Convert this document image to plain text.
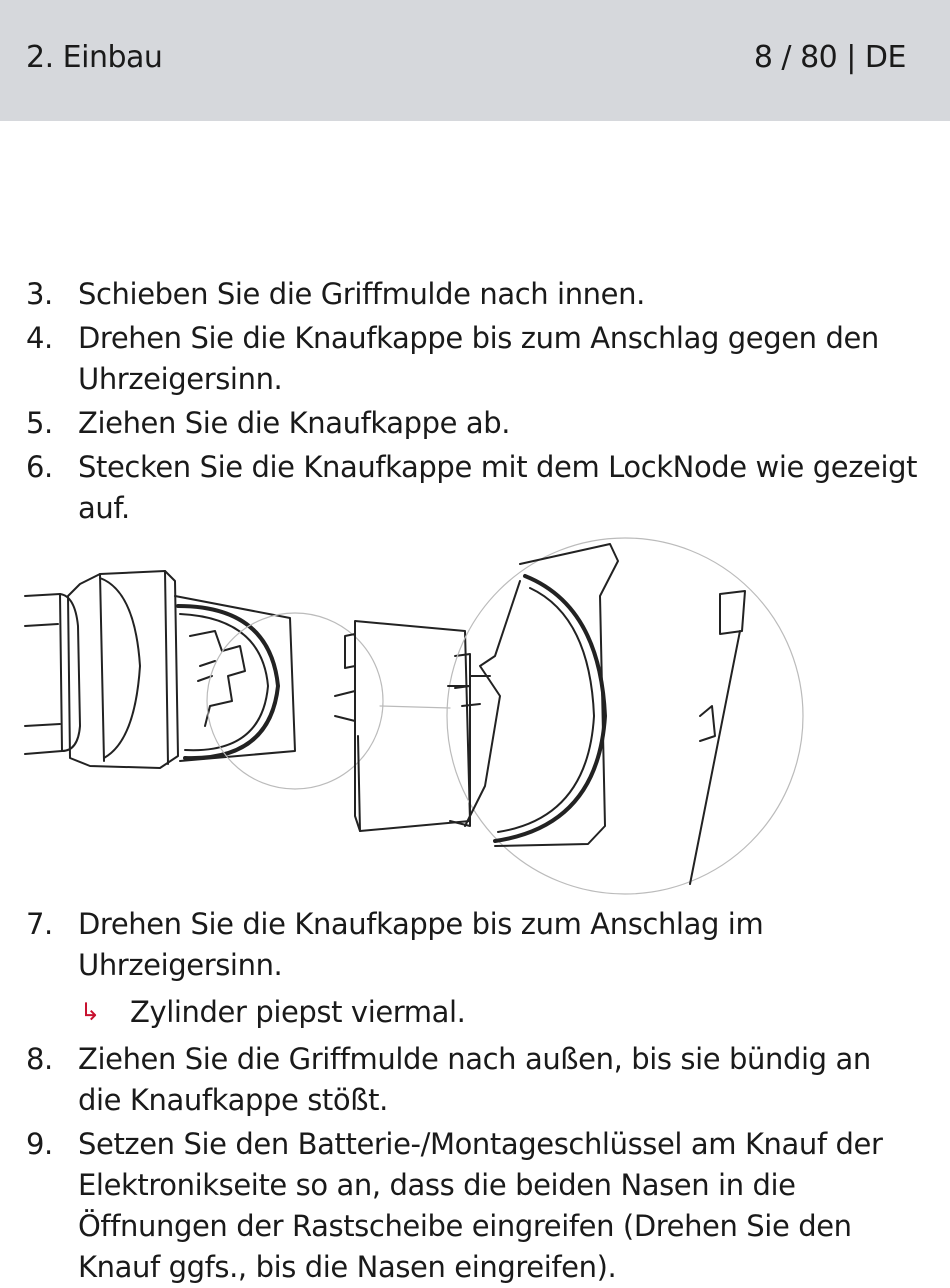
2. Einbau	8 / 80 | DE
3. Schieben Sie die Griffmulde nach innen.
4. Drehen Sie die Knaufkappe bis zum Anschlag gegen den Uhrzeigersinn.
5. Ziehen Sie die Knaufkappe ab.
6. Stecken Sie die Knaufkappe mit dem LockNode wie gezeigt auf.
7. Drehen Sie die Knaufkappe bis zum Anschlag im Uhrzeigersinn.
↳ Zylinder piepst viermal.
8. Ziehen Sie die Griffmulde nach außen, bis sie bündig an die Knaufkappe stößt.
9. Setzen Sie den Batterie-/Montageschlüssel am Knauf der Elektronikseite so an, dass die beiden Nasen in die Öffnungen der Rastscheibe eingreifen (Drehen Sie den Knauf ggfs., bis die Nasen eingreifen).
